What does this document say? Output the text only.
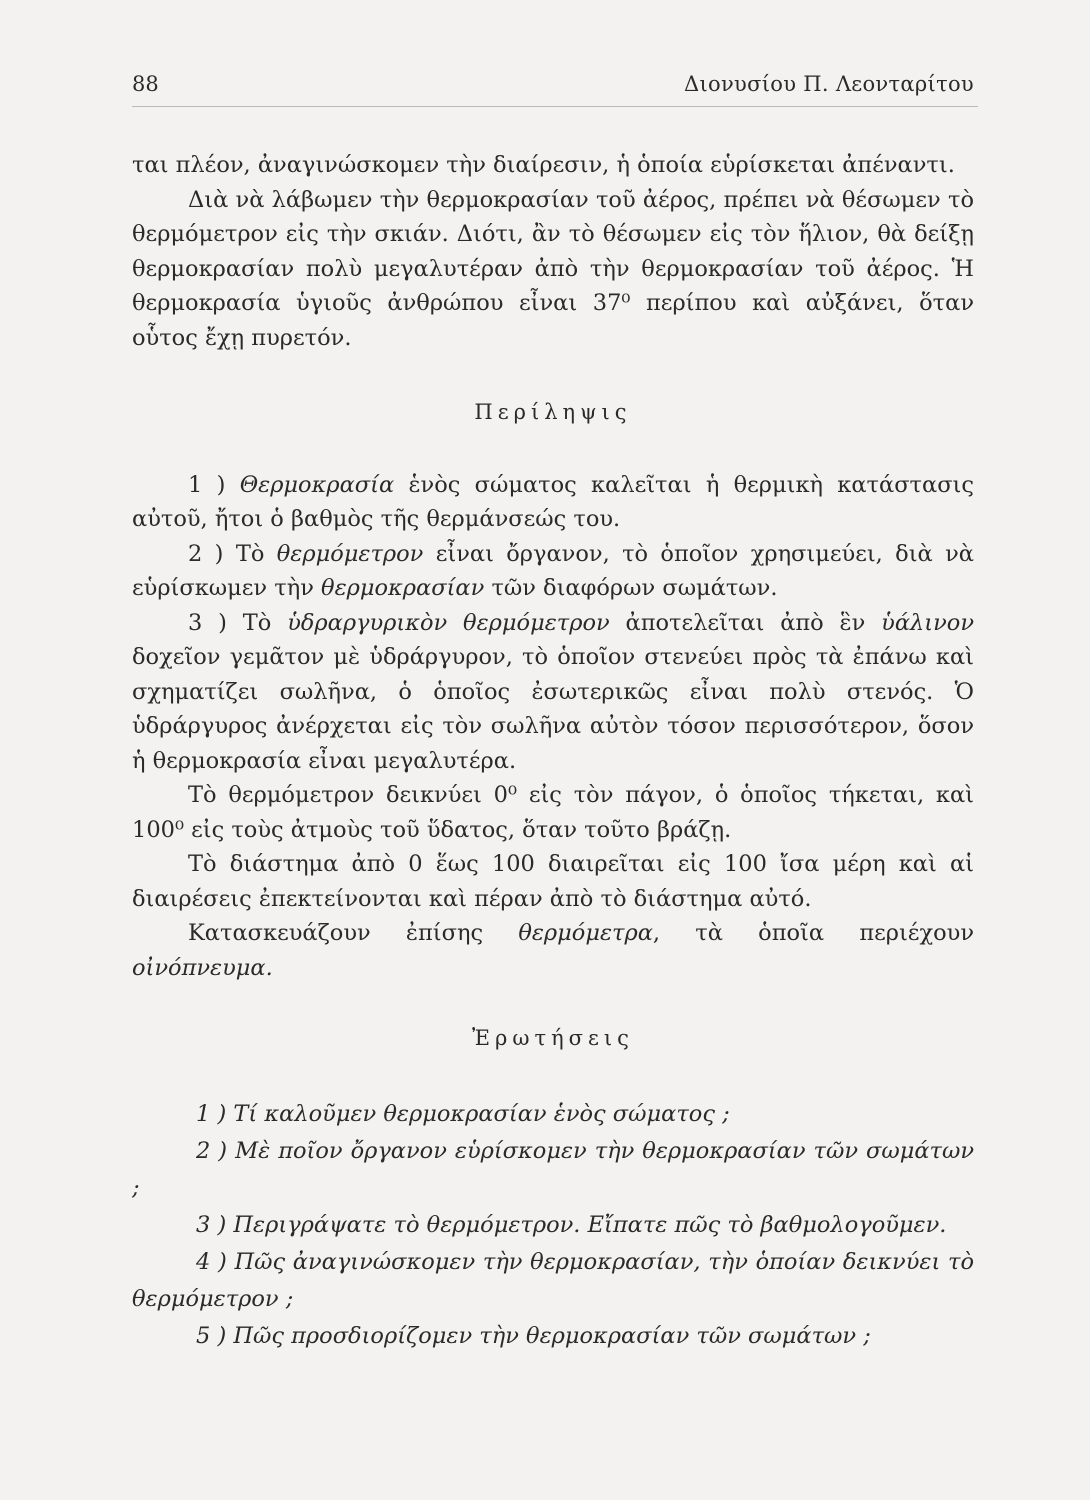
88	Διονυσίου Π. Λεονταρίτου

ται πλέον, ἀναγινώσκομεν τὴν διαίρεσιν, ἡ ὁποία εὑρίσκεται ἀπέναντι.

Διὰ νὰ λάβωμεν τὴν θερμοκρασίαν τοῦ ἀέρος, πρέπει νὰ θέσωμεν τὸ θερμόμετρον εἰς τὴν σκιάν. Διότι, ἂν τὸ θέσωμεν εἰς τὸν ἥλιον, θὰ δείξῃ θερμοκρασίαν πολὺ μεγαλυτέραν ἀπὸ τὴν θερμοκρασίαν τοῦ ἀέρος. Ἡ θερμοκρασία ὑγιοῦς ἀνθρώπου εἶναι 37⁰ περίπου καὶ αὐξάνει, ὅταν οὗτος ἔχῃ πυρετόν.

Περίληψις

1 ) Θερμοκρασία ἑνὸς σώματος καλεῖται ἡ θερμικὴ κατάστασις αὐτοῦ, ἤτοι ὁ βαθμὸς τῆς θερμάνσεώς του.

2 ) Τὸ θερμόμετρον εἶναι ὄργανον, τὸ ὁποῖον χρησιμεύει, διὰ νὰ εὑρίσκωμεν τὴν θερμοκρασίαν τῶν διαφόρων σωμάτων.

3 ) Τὸ ὑδραργυρικὸν θερμόμετρον ἀποτελεῖται ἀπὸ ἓν ὑάλινον δοχεῖον γεμᾶτον μὲ ὑδράργυρον, τὸ ὁποῖον στενεύει πρὸς τὰ ἐπάνω καὶ σχηματίζει σωλῆνα, ὁ ὁποῖος ἐσωτερικῶς εἶναι πολὺ στενός. Ὁ ὑδράργυρος ἀνέρχεται εἰς τὸν σωλῆνα αὐτὸν τόσον περισσότερον, ὅσον ἡ θερμοκρασία εἶναι μεγαλυτέρα.

Τὸ θερμόμετρον δεικνύει 0⁰ εἰς τὸν πάγον, ὁ ὁποῖος τήκεται, καὶ 100⁰ εἰς τοὺς ἀτμοὺς τοῦ ὕδατος, ὅταν τοῦτο βράζῃ.

Τὸ διάστημα ἀπὸ 0 ἕως 100 διαιρεῖται εἰς 100 ἴσα μέρη καὶ αἱ διαιρέσεις ἐπεκτείνονται καὶ πέραν ἀπὸ τὸ διάστημα αὐτό.

Κατασκευάζουν ἐπίσης θερμόμετρα, τὰ ὁποῖα περιέχουν οἰνόπνευμα.

Ἐρωτήσεις

1 ) Τί καλοῦμεν θερμοκρασίαν ἑνὸς σώματος ;

2 ) Μὲ ποῖον ὄργανον εὑρίσκομεν τὴν θερμοκρασίαν τῶν σωμάτων ;

3 ) Περιγράψατε τὸ θερμόμετρον. Εἴπατε πῶς τὸ βαθμολογοῦμεν.

4 ) Πῶς ἀναγινώσκομεν τὴν θερμοκρασίαν, τὴν ὁποίαν δεικνύει τὸ θερμόμετρον ;

5 ) Πῶς προσδιορίζομεν τὴν θερμοκρασίαν τῶν σωμάτων ;
